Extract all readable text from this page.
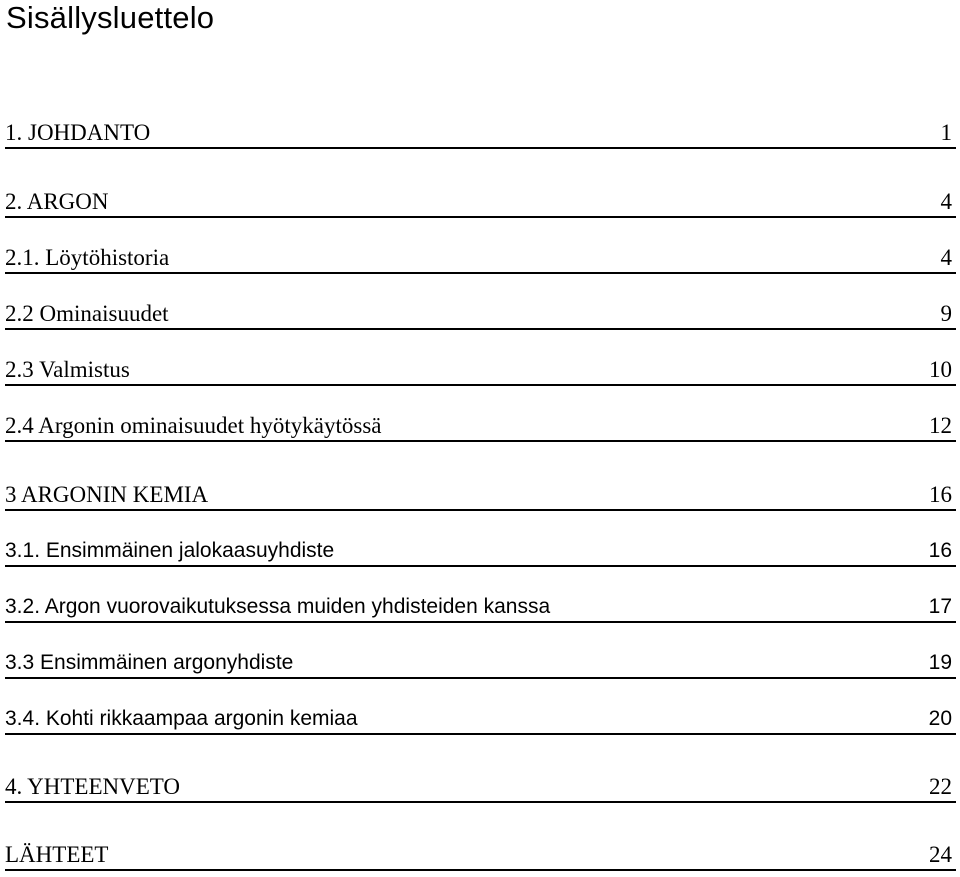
Sisällysluettelo
1. JOHDANTO	1
2. ARGON	4
2.1. Löytöhistoria	4
2.2 Ominaisuudet	9
2.3 Valmistus	10
2.4 Argonin ominaisuudet hyötykäytössä	12
3 ARGONIN KEMIA	16
3.1. Ensimmäinen jalokaasuyhdiste	16
3.2. Argon vuorovaikutuksessa muiden yhdisteiden kanssa	17
3.3 Ensimmäinen argonyhdiste	19
3.4. Kohti rikkaampaa argonin kemiaa	20
4. YHTEENVETO	22
LÄHTEET	24
